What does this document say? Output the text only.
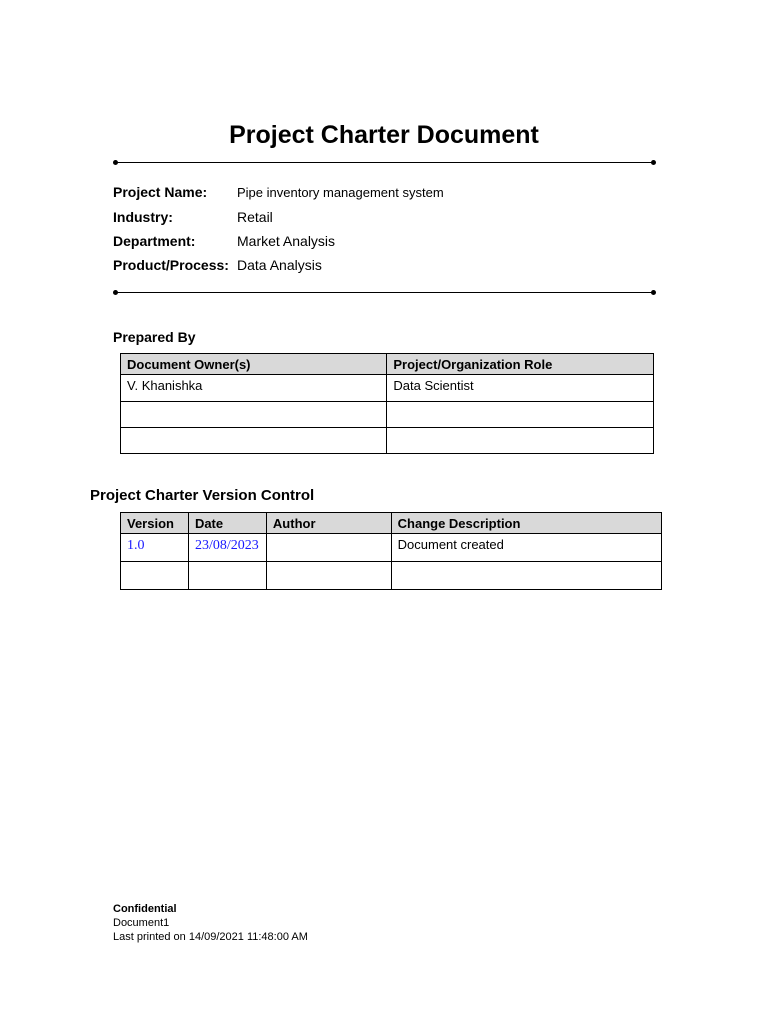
Project Charter Document
Project Name:	Pipe inventory management system
Industry:	Retail
Department:	Market Analysis
Product/Process: Data Analysis
Prepared By
Document Owner(s)	Project/Organization Role
V. Khanishka	Data Scientist

Project Charter Version Control
Version	Date	Author	Change Description
1.0	23/08/2023		Document created

Confidential
Document1
Last printed on 14/09/2021 11:48:00 AM
